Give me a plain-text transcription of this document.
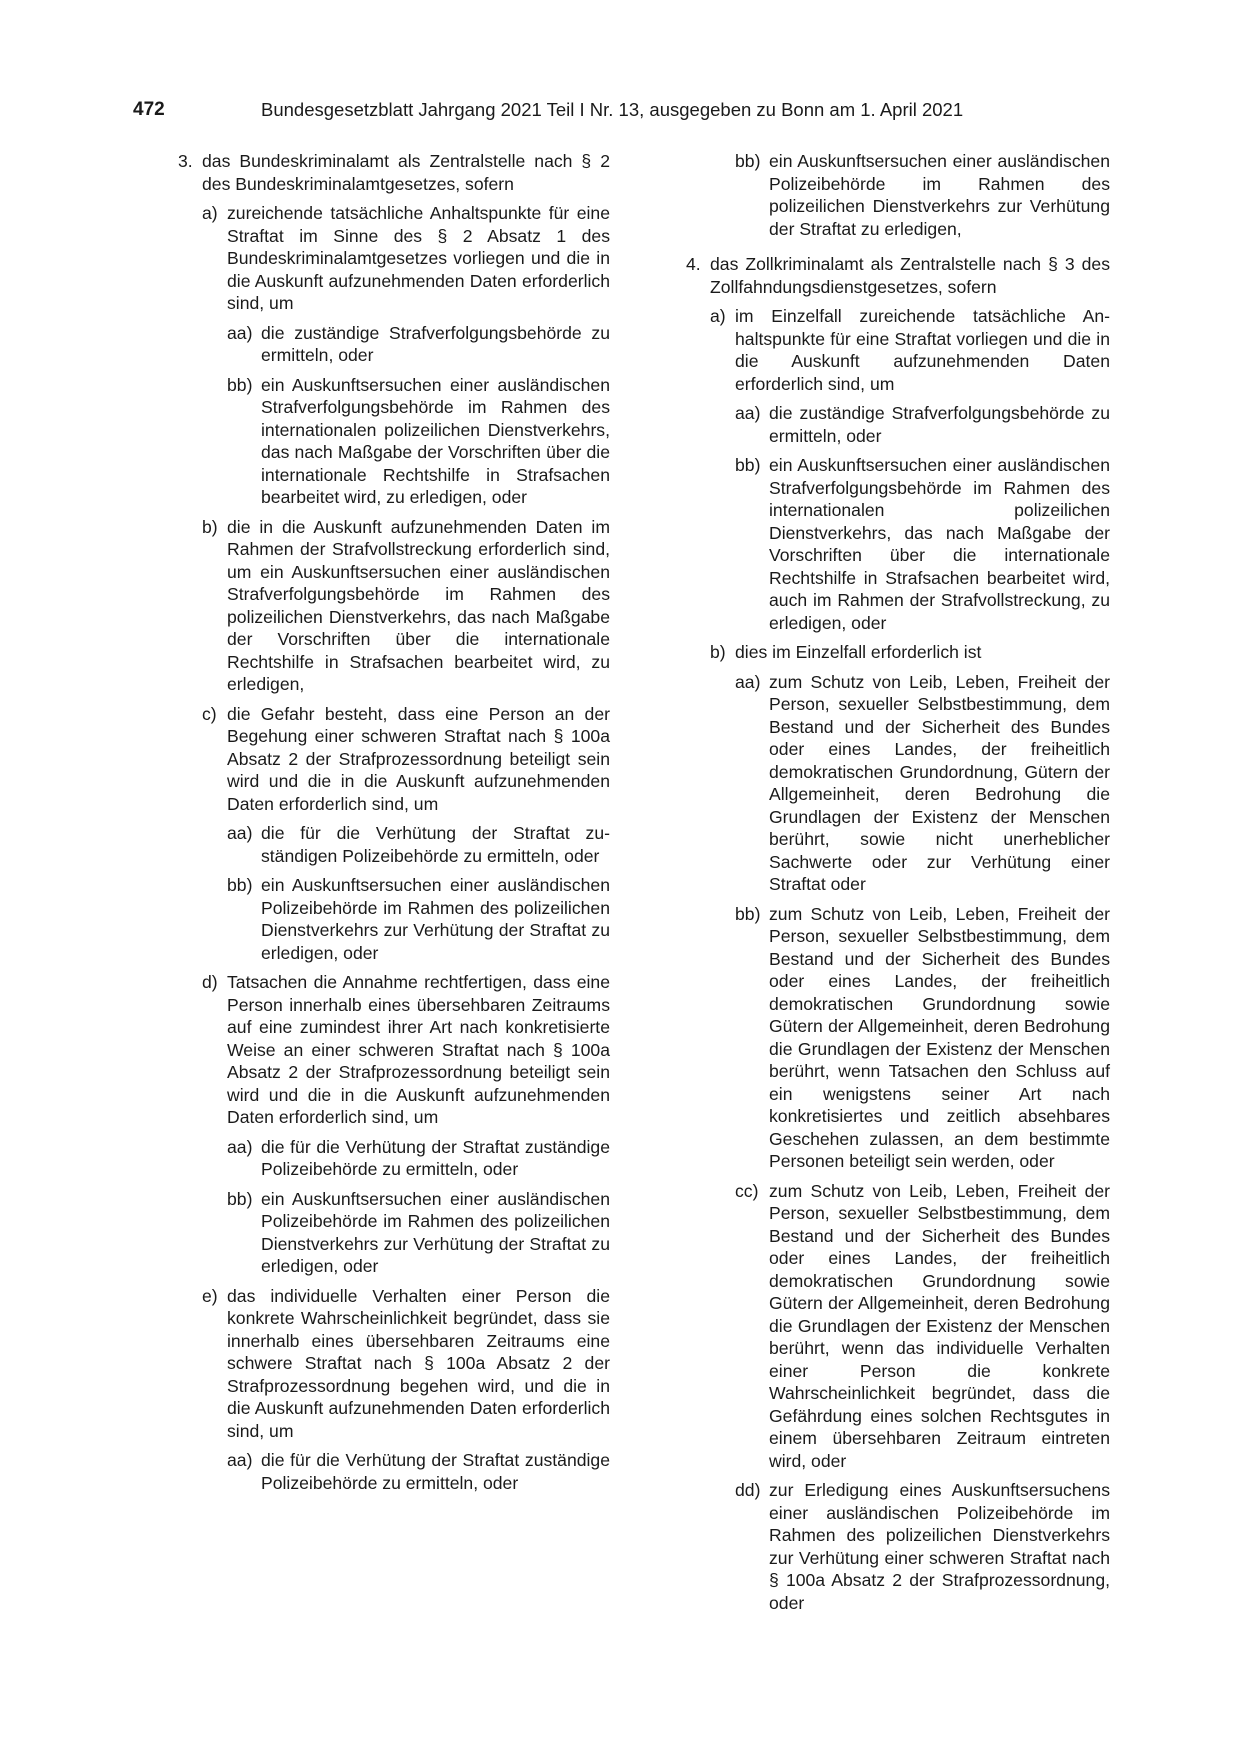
472	Bundesgesetzblatt Jahrgang 2021 Teil I Nr. 13, ausgegeben zu Bonn am 1. April 2021
3. das Bundeskriminalamt als Zentralstelle nach § 2 des Bundeskriminalamtgesetzes, sofern
a) zureichende tatsächliche Anhaltspunkte für eine Straftat im Sinne des § 2 Absatz 1 des Bundeskriminalamtgesetzes vorliegen und die in die Auskunft aufzunehmenden Daten erforderlich sind, um
aa) die zuständige Strafverfolgungsbehörde zu ermitteln, oder
bb) ein Auskunftsersuchen einer ausländischen Strafverfolgungsbehörde im Rahmen des internationalen polizeilichen Dienstverkehrs, das nach Maßgabe der Vorschriften über die internationale Rechtshilfe in Strafsachen bearbeitet wird, zu erledigen, oder
b) die in die Auskunft aufzunehmenden Daten im Rahmen der Strafvollstreckung erforderlich sind, um ein Auskunftsersuchen einer ausländischen Strafverfolgungsbehörde im Rahmen des polizeilichen Dienstverkehrs, das nach Maßgabe der Vorschriften über die internationale Rechtshilfe in Strafsachen bearbeitet wird, zu erledigen,
c) die Gefahr besteht, dass eine Person an der Begehung einer schweren Straftat nach § 100a Absatz 2 der Strafprozessordnung beteiligt sein wird und die in die Auskunft aufzunehmenden Daten erforderlich sind, um
aa) die für die Verhütung der Straftat zuständigen Polizeibehörde zu ermitteln, oder
bb) ein Auskunftsersuchen einer ausländischen Polizeibehörde im Rahmen des polizeilichen Dienstverkehrs zur Verhütung der Straftat zu erledigen, oder
d) Tatsachen die Annahme rechtfertigen, dass eine Person innerhalb eines übersehbaren Zeitraums auf eine zumindest ihrer Art nach konkretisierte Weise an einer schweren Straftat nach § 100a Absatz 2 der Strafprozessordnung beteiligt sein wird und die in die Auskunft aufzunehmenden Daten erforderlich sind, um
aa) die für die Verhütung der Straftat zuständige Polizeibehörde zu ermitteln, oder
bb) ein Auskunftsersuchen einer ausländischen Polizeibehörde im Rahmen des polizeilichen Dienstverkehrs zur Verhütung der Straftat zu erledigen, oder
e) das individuelle Verhalten einer Person die konkrete Wahrscheinlichkeit begründet, dass sie innerhalb eines übersehbaren Zeitraums eine schwere Straftat nach § 100a Absatz 2 der Strafprozessordnung begehen wird, und die in die Auskunft aufzunehmenden Daten erforderlich sind, um
aa) die für die Verhütung der Straftat zuständige Polizeibehörde zu ermitteln, oder
bb) ein Auskunftsersuchen einer ausländischen Polizeibehörde im Rahmen des polizeilichen Dienstverkehrs zur Verhütung der Straftat zu erledigen,
4. das Zollkriminalamt als Zentralstelle nach § 3 des Zollfahndungsdienstgesetzes, sofern
a) im Einzelfall zureichende tatsächliche Anhaltspunkte für eine Straftat vorliegen und die in die Auskunft aufzunehmenden Daten erforderlich sind, um
aa) die zuständige Strafverfolgungsbehörde zu ermitteln, oder
bb) ein Auskunftsersuchen einer ausländischen Strafverfolgungsbehörde im Rahmen des internationalen polizeilichen Dienstverkehrs, das nach Maßgabe der Vorschriften über die internationale Rechtshilfe in Strafsachen bearbeitet wird, auch im Rahmen der Strafvollstreckung, zu erledigen, oder
b) dies im Einzelfall erforderlich ist
aa) zum Schutz von Leib, Leben, Freiheit der Person, sexueller Selbstbestimmung, dem Bestand und der Sicherheit des Bundes oder eines Landes, der freiheitlich demokratischen Grundordnung, Gütern der Allgemeinheit, deren Bedrohung die Grundlagen der Existenz der Menschen berührt, sowie nicht unerheblicher Sachwerte oder zur Verhütung einer Straftat oder
bb) zum Schutz von Leib, Leben, Freiheit der Person, sexueller Selbstbestimmung, dem Bestand und der Sicherheit des Bundes oder eines Landes, der freiheitlich demokratischen Grundordnung sowie Gütern der Allgemeinheit, deren Bedrohung die Grundlagen der Existenz der Menschen berührt, wenn Tatsachen den Schluss auf ein wenigstens seiner Art nach konkretisiertes und zeitlich absehbares Geschehen zulassen, an dem bestimmte Personen beteiligt sein werden, oder
cc) zum Schutz von Leib, Leben, Freiheit der Person, sexueller Selbstbestimmung, dem Bestand und der Sicherheit des Bundes oder eines Landes, der freiheitlich demokratischen Grundordnung sowie Gütern der Allgemeinheit, deren Bedrohung die Grundlagen der Existenz der Menschen berührt, wenn das individuelle Verhalten einer Person die konkrete Wahrscheinlichkeit begründet, dass die Gefährdung eines solchen Rechtsgutes in einem übersehbaren Zeitraum eintreten wird, oder
dd) zur Erledigung eines Auskunftsersuchens einer ausländischen Polizeibehörde im Rahmen des polizeilichen Dienstverkehrs zur Verhütung einer schweren Straftat nach § 100a Absatz 2 der Strafprozessordnung, oder
